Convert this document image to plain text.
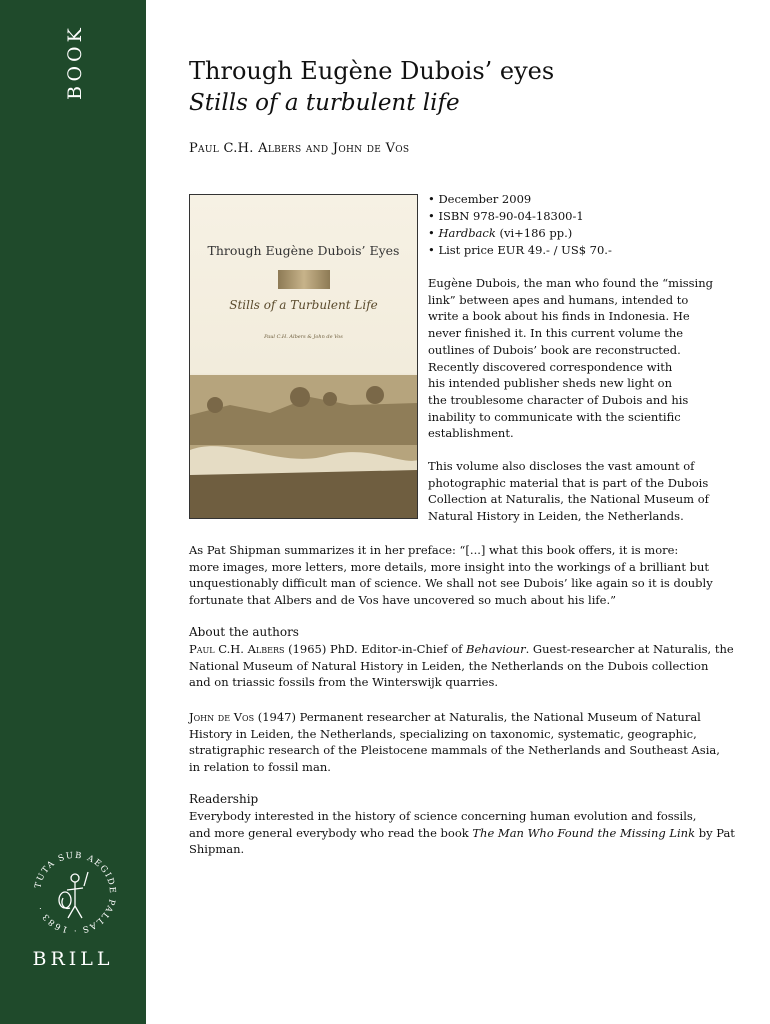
BOOK
TUTA SUB AEGIDE PALLAS · 1683 ·
BRILL
Through Eugène Dubois’ eyes
Stills of a turbulent life
Paul C.H. Albers and John de Vos
Through Eugène Dubois’ Eyes
Stills of a Turbulent Life
Paul C.H. Albers & John de Vos
• December 2009
• ISBN 978-90-04-18300-1
• Hardback (vi+186 pp.)
• List price EUR 49.- / US$ 70.-
Eugène Dubois, the man who found the “missing
link” between apes and humans, intended to
write a book about his finds in Indonesia. He
never finished it. In this current volume the
outlines of Dubois’ book are reconstructed.
Recently discovered correspondence with
his intended publisher sheds new light on
the troublesome character of Dubois and his
inability to communicate with the scientific
establishment.
This volume also discloses the vast amount of
photographic material that is part of the Dubois
Collection at Naturalis, the National Museum of
Natural History in Leiden, the Netherlands.
As Pat Shipman summarizes it in her preface: “[...] what this book offers, it is more:
more images, more letters, more details, more insight into the workings of a brilliant but
unquestionably difficult man of science. We shall not see Dubois’ like again so it is doubly
fortunate that Albers and de Vos have uncovered so much about his life.”
About the authors
Paul C.H. Albers (1965) PhD. Editor-in-Chief of Behaviour. Guest-researcher at Naturalis, the
National Museum of Natural History in Leiden, the Netherlands on the Dubois collection
and on triassic fossils from the Winterswijk quarries.
John de Vos (1947) Permanent researcher at Naturalis, the National Museum of Natural
History in Leiden, the Netherlands, specializing on taxonomic, systematic, geographic,
stratigraphic research of the Pleistocene mammals of the Netherlands and Southeast Asia,
in relation to fossil man.
Readership
Everybody interested in the history of science concerning human evolution and fossils,
and more general everybody who read the book The Man Who Found the Missing Link by Pat
Shipman.
